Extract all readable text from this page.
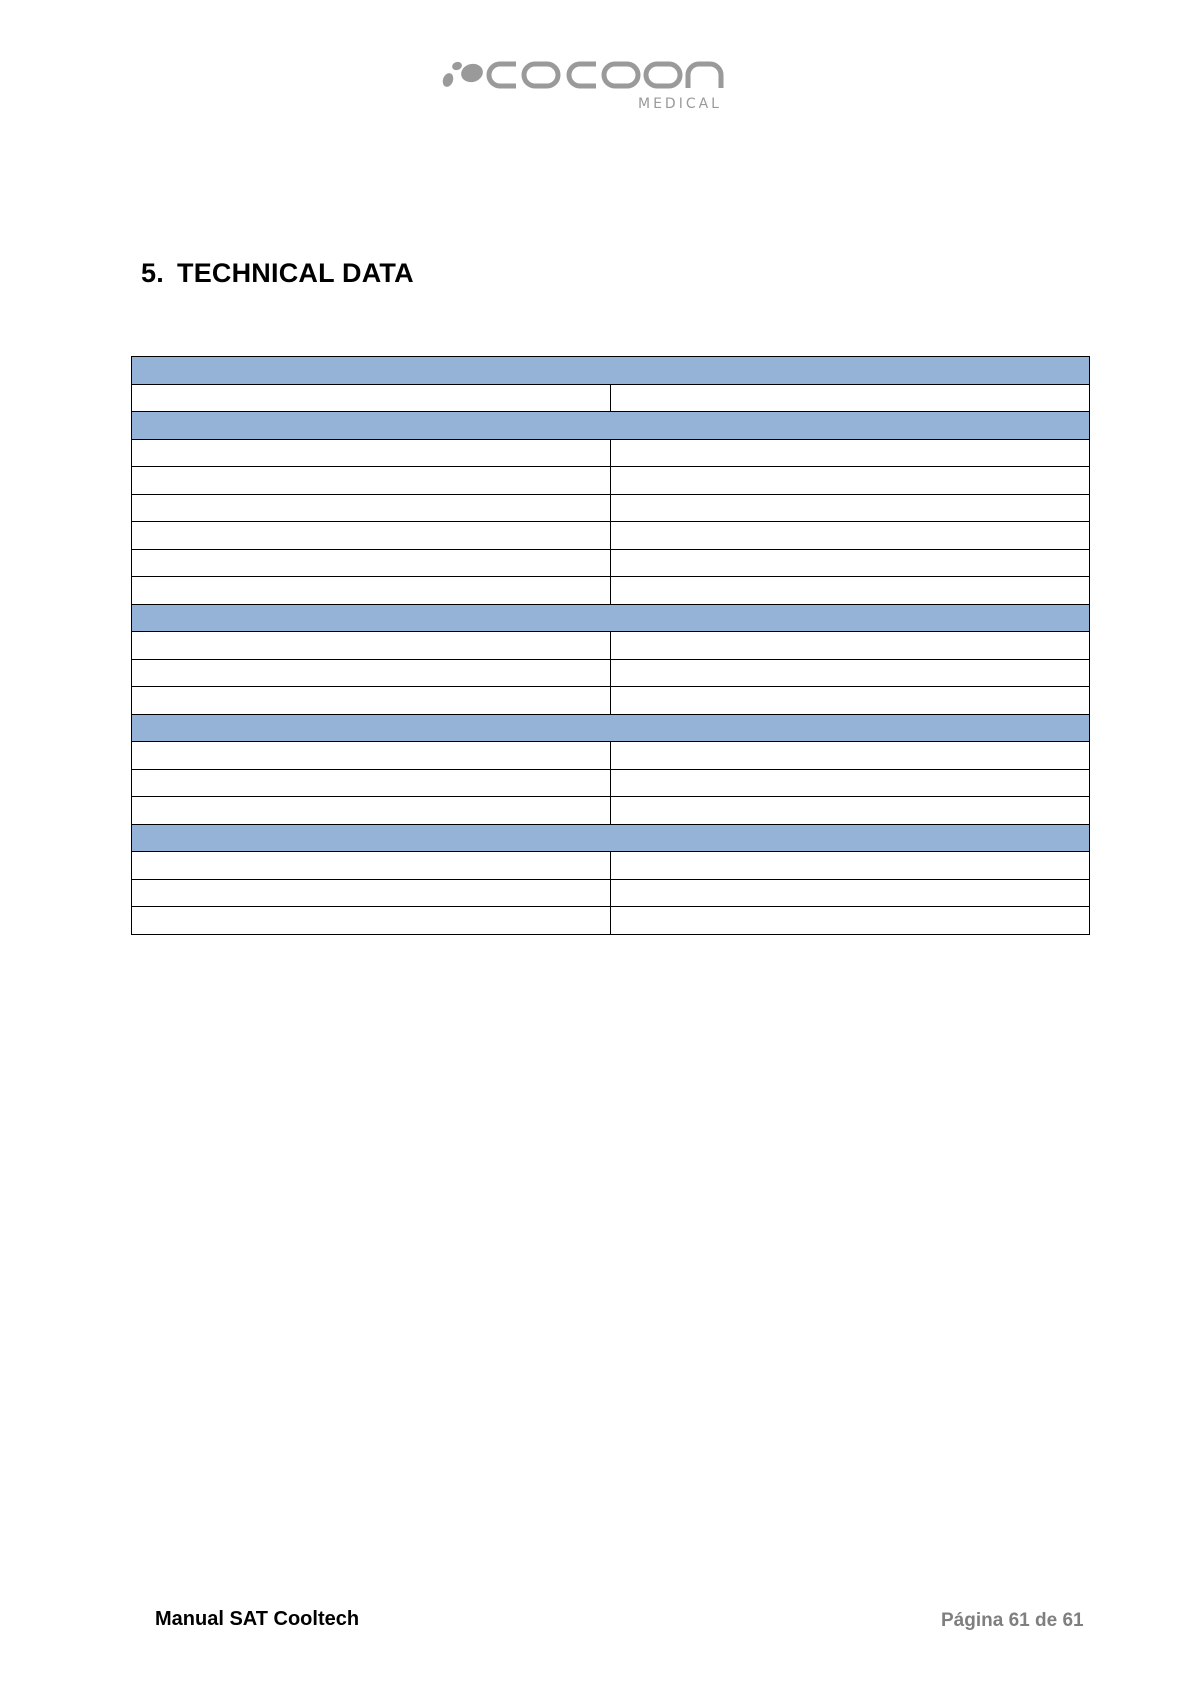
MEDICAL
5. TECHNICAL DATA

Manual SAT Cooltech	Página 61 de 61
